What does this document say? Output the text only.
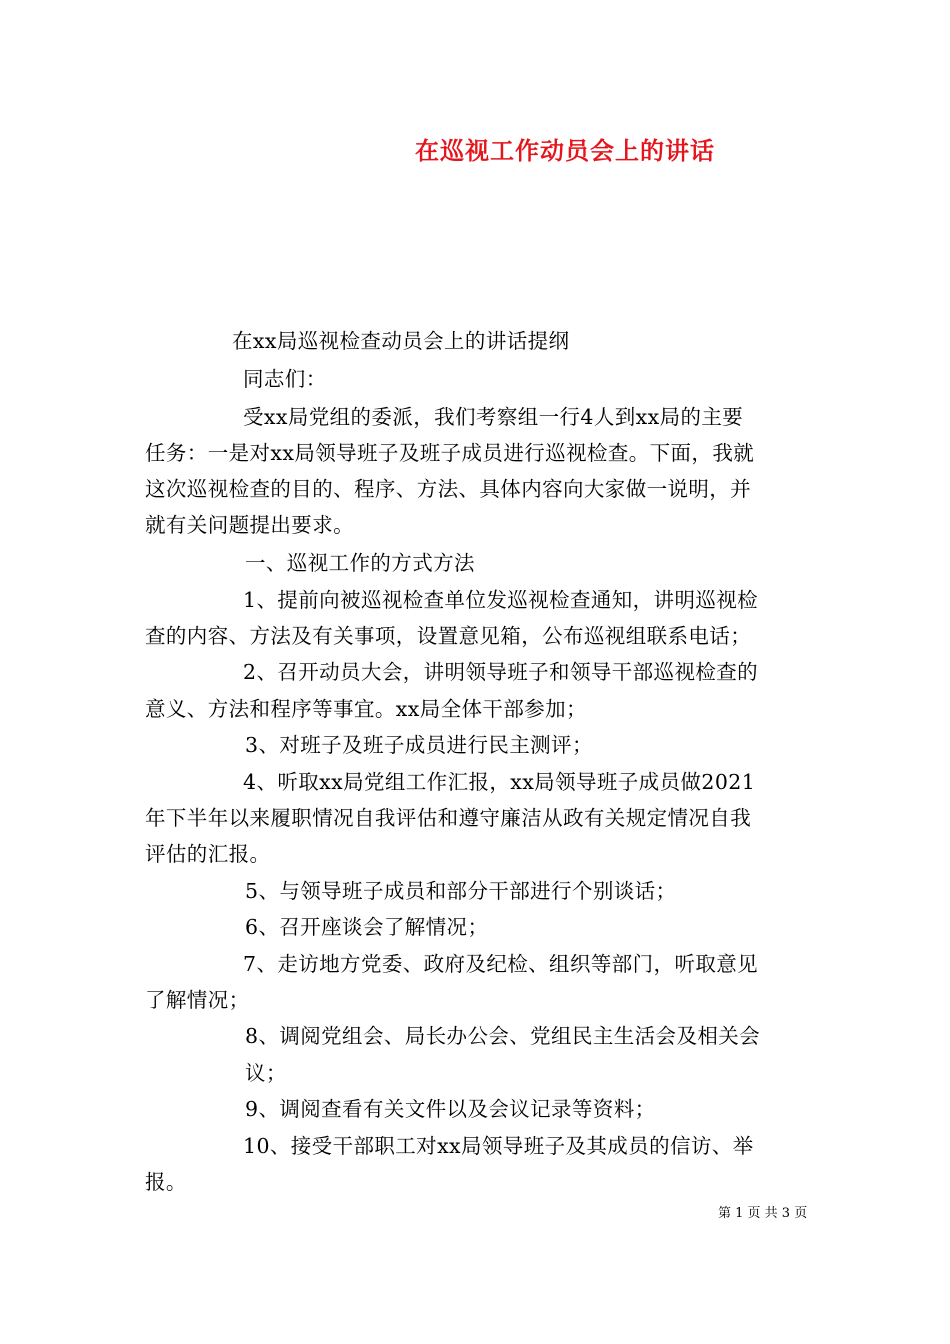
在巡视工作动员会上的讲话
在xx局巡视检查动员会上的讲话提纲
同志们：
受xx局党组的委派，我们考察组一行4人到xx局的主要
任务：一是对xx局领导班子及班子成员进行巡视检查。下面，我就
这次巡视检查的目的、程序、方法、具体内容向大家做一说明，并
就有关问题提出要求。
一、巡视工作的方式方法
1、提前向被巡视检查单位发巡视检查通知，讲明巡视检
查的内容、方法及有关事项，设置意见箱，公布巡视组联系电话；
2、召开动员大会，讲明领导班子和领导干部巡视检查的
意义、方法和程序等事宜。xx局全体干部参加；
3、对班子及班子成员进行民主测评；
4、听取xx局党组工作汇报，xx局领导班子成员做2021
年下半年以来履职情况自我评估和遵守廉洁从政有关规定情况自我
评估的汇报。
5、与领导班子成员和部分干部进行个别谈话；
6、召开座谈会了解情况；
7、走访地方党委、政府及纪检、组织等部门，听取意见
了解情况；
8、调阅党组会、局长办公会、党组民主生活会及相关会
议；
9、调阅查看有关文件以及会议记录等资料；
10、接受干部职工对xx局领导班子及其成员的信访、举
报。
第 1 页 共 3 页
